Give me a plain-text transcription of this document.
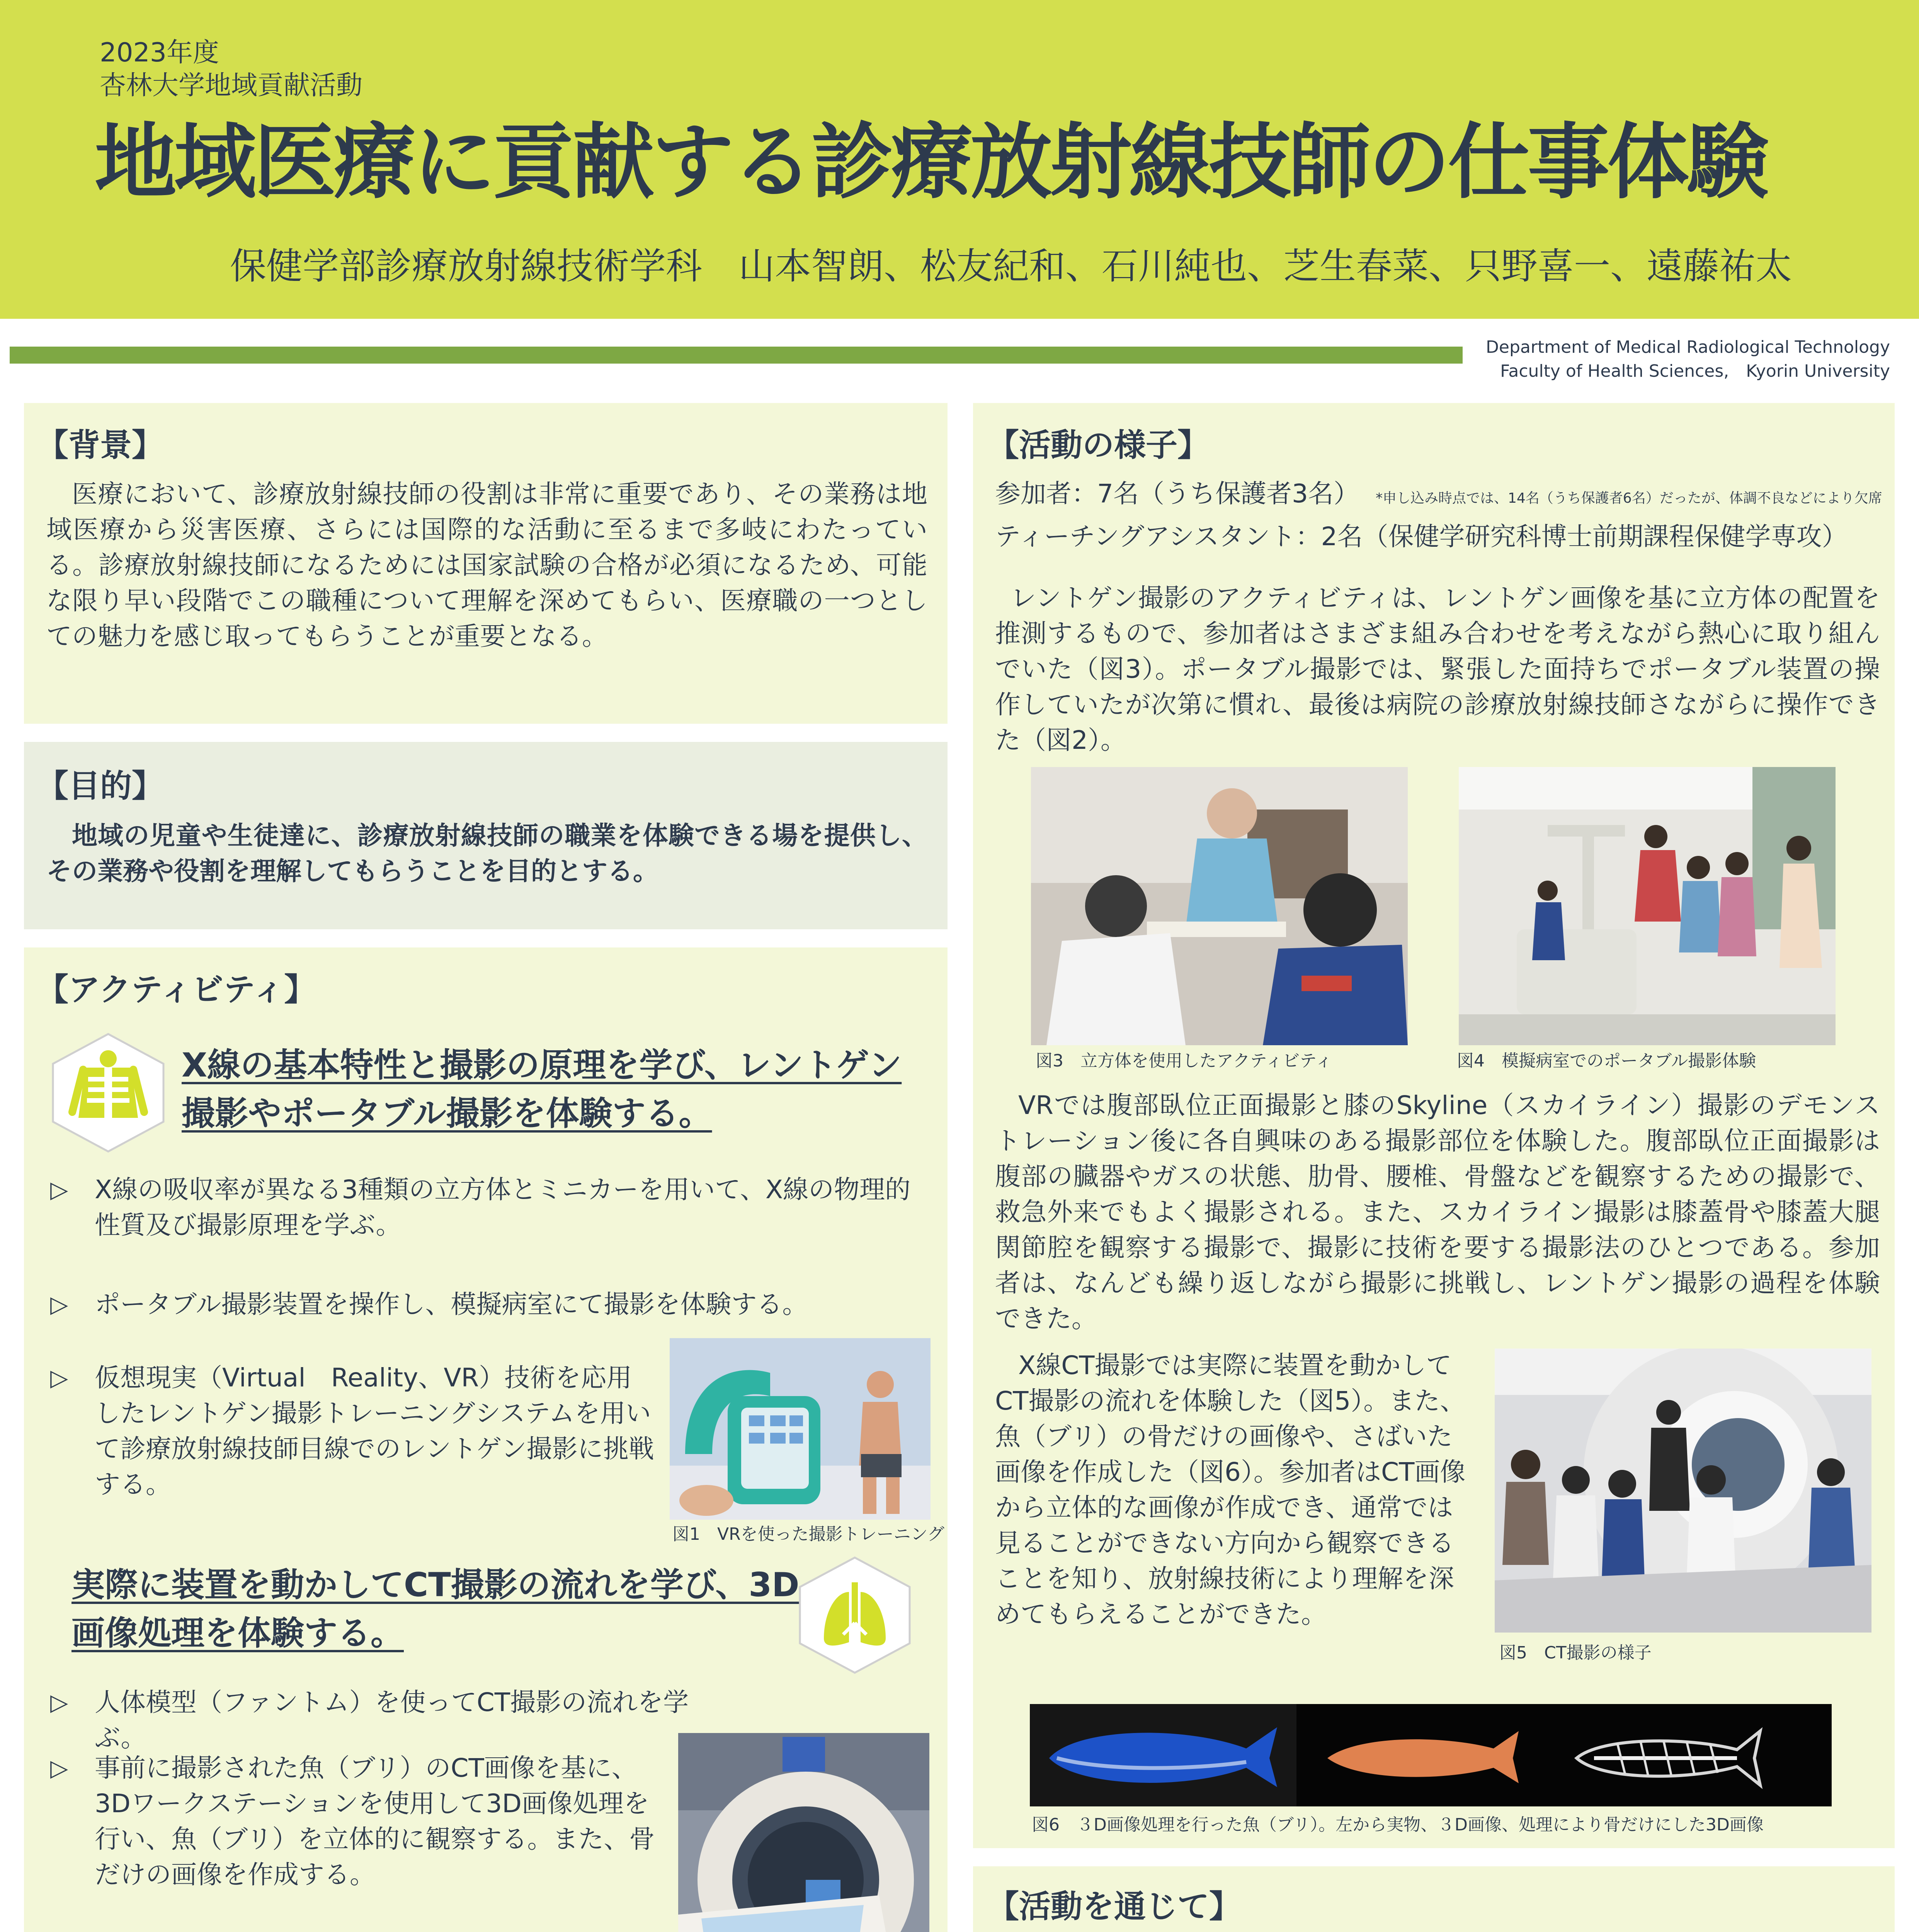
2023年度
杏林大学地域貢献活動
地域医療に貢献する診療放射線技師の仕事体験
保健学部診療放射線技術学科　山本智朗、松友紀和、石川純也、芝生春菜、只野喜一、遠藤祐太
Department of Medical Radiological Technology
Faculty of Health Sciences,　Kyorin University
【背景】
医療において、診療放射線技師の役割は非常に重要であり、その業務は地域医療から災害医療、さらには国際的な活動に至るまで多岐にわたっている。診療放射線技師になるためには国家試験の合格が必須になるため、可能な限り早い段階でこの職種について理解を深めてもらい、医療職の一つとしての魅力を感じ取ってもらうことが重要となる。
【目的】
地域の児童や生徒達に、診療放射線技師の職業を体験できる場を提供し、その業務や役割を理解してもらうことを目的とする。
【アクティビティ】
X線の基本特性と撮影の原理を学び、レントゲン撮影やポータブル撮影を体験する。
▷ X線の吸収率が異なる3種類の立方体とミニカーを用いて、X線の物理的性質及び撮影原理を学ぶ。
▷ ポータブル撮影装置を操作し、模擬病室にて撮影を体験する。
▷ 仮想現実（Virtual　Reality、VR）技術を応用したレントゲン撮影トレーニングシステムを用いて診療放射線技師目線でのレントゲン撮影に挑戦する。
図1　VRを使った撮影トレーニング
実際に装置を動かしてCT撮影の流れを学び、3D画像処理を体験する。
▷ 人体模型（ファントム）を使ってCT撮影の流れを学ぶ。
▷ 事前に撮影された魚（ブリ）のCT画像を基に、3Dワークステーションを使用して3D画像処理を行い、魚（ブリ）を立体的に観察する。また、骨だけの画像を作成する。

【活動の様子】
参加者：7名（うち保護者3名）	*申し込み時点では、14名（うち保護者6名）だったが、体調不良などにより欠席
ティーチングアシスタント：2名（保健学研究科博士前期課程保健学専攻）
レントゲン撮影のアクティビティは、レントゲン画像を基に立方体の配置を推測するもので、参加者はさまざま組み合わせを考えながら熱心に取り組んでいた（図3）。ポータブル撮影では、緊張した面持ちでポータブル装置の操作していたが次第に慣れ、最後は病院の診療放射線技師さながらに操作できた（図2）。
図3　立方体を使用したアクティビティ	図4　模擬病室でのポータブル撮影体験
VRでは腹部臥位正面撮影と膝のSkyline（スカイライン）撮影のデモンストレーション後に各自興味のある撮影部位を体験した。腹部臥位正面撮影は腹部の臓器やガスの状態、肋骨、腰椎、骨盤などを観察するための撮影で、救急外来でもよく撮影される。また、スカイライン撮影は膝蓋骨や膝蓋大腿関節腔を観察する撮影で、撮影に技術を要する撮影法のひとつである。参加者は、なんども繰り返しながら撮影に挑戦し、レントゲン撮影の過程を体験できた。
X線CT撮影では実際に装置を動かしてCT撮影の流れを体験した（図5）。また、魚（ブリ）の骨だけの画像や、さばいた画像を作成した（図6）。参加者はCT画像から立体的な画像が作成でき、通常では見ることができない方向から観察できることを知り、放射線技術により理解を深めてもらえることができた。
図5　CT撮影の様子
図6　３D画像処理を行った魚（ブリ）。左から実物、３D画像、処理により骨だけにした3D画像
【活動を通じて】
